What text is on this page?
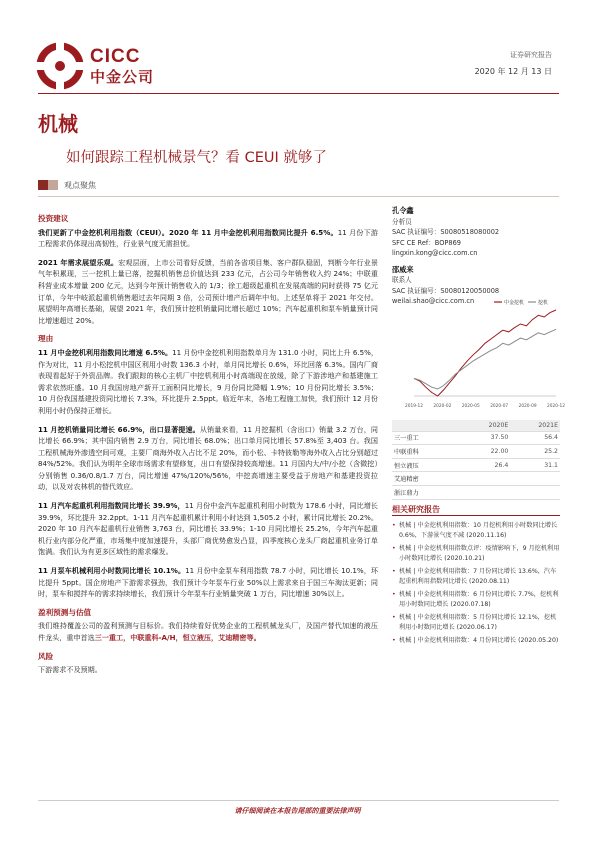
CICC
中金公司
证券研究报告
2020 年 12 月 13 日
机械
如何跟踪工程机械景气？看 CEUI 就够了
观点聚焦
投资建议

我们更新了中金挖机利用指数（CEUI）。2020 年 11 月中金挖机利用指数同比提升 6.5%。11 月份下游工程需求仍体现出高韧性，行业景气度无需担忧。

2021 年需求展望乐观。宏观层面，上市公司看好反馈，当前各省项目集、客户群队稳固，判断今年行业景气年积累现，三一挖机上量已落，挖掘机销售总价值达到 233 亿元，占公司今年销售收入约 24%；中联重科营业成本增量 200 亿元，达到今年预计销售收入的 1/3；徐工超级起重机在发展高端的同时获得 75 亿元订单，今年中岐派起重机销售超过去年同期 3 倍，公司预计增产后调年中旬。上述坚单将于 2021 年交付。展望明年高增长基础，展望 2021 年，我们预计挖机销量同比增长超过 10%；汽车起重机和泵车销量预计同比增速超过 20%。

理由

11 月中金挖机利用指数同比增速 6.5%。11 月份中金挖机利用指数单月为 131.0 小时，同比上升 6.5%，作为对比，11 月小松挖机中国区利用小时数 136.3 小时，单月同比增长 0.6%，环比回落 6.3%。国内厂商表现看起好于外资品牌。我们跟踪的核心主机厂中挖机利用小时高端现在放缓，除了下游涉地产和基建施工需求依然旺盛。10 月我国房地产新开工面积同比增长，9 月份同比降幅 1.9%；10 月份同比增长 3.5%；10 月份我国基建投资同比增长 7.3%，环比提升 2.5ppt。临近年末，各地工程施工加快，我们预计 12 月份利用小时仍保持正增长。

11 月挖机销量同比增长 66.9%，出口显著提速。从销量来看，11 月挖掘机（含出口）销量 3.2 万台，同比增长 66.9%；其中国内销售 2.9 万台，同比增长 68.0%；出口单月同比增长 57.8%至 3,403 台。我国工程机械海外渗透空间可观，主要厂商海外收入占比不足 20%，而小松、卡特彼勒等海外收入占比分别超过 84%/52%。我们认为明年全球市场需求有望修复，出口有望保持较高增速。11 月国内大/中/小挖（含微挖）分别销售 0.36/0.8/1.7 万台，同比增速 47%/120%/56%，中挖高增速主要受益于房地产和基建投资拉动，以及对农林机的替代效应。

11 月汽车起重机利用指数同比增长 39.9%，11 月份中金汽车起重机利用小时数为 178.6 小时，同比增长 39.9%，环比提升 32.2ppt。1-11 月汽车起重机累计利用小时达到 1,505.2 小时，累计同比增长 20.2%。2020 年 10 月汽车起重机行业销售 3,763 台，同比增长 33.9%；1-10 月同比增长 25.2%，今年汽车起重机行业内部分化严重，市场集中度加速提升，头部厂商优势愈发凸显，四季度核心龙头厂商起重机业务订单饱满。我们认为有更多区域性的需求爆发。

11 月泵车机械利用小时数同比增长 10.1%。11 月份中金泵车利用指数 78.7 小时，同比增长 10.1%，环比提升 5ppt。国企房地产下游需求强劲，我们预计今年泵车行业 50%以上需求来自于国三车淘汰更新；同时，泵车和搅拌车的需求持续增长，我们预计今年泵车行业销量突破 1 万台，同比增速 30%以上。

盈利预测与估值

我们维持覆盖公司的盈利预测与目标价。我们持续看好优势企业的工程机械龙头厂，及国产替代加速的液压件龙头，重申首选三一重工，中联重科-A/H，恒立液压，艾迪精密等。

风险

下游需求不及预期。

孔令鑫
分析员
SAC 执证编号：S0080518080002
SFC CE Ref：BOP869
lingxin.kong@cicc.com.cn
邵威来
联系人
SAC 执证编号：S0080120050008
weilai.shao@cicc.com.cn	中金挖机	挖机
2019-12 2020-02 2020-05 2020-07 2020-09 2020-12
		2020E	2021E
三一重工		37.50	56.4
中联重科		22.00	25.2
恒立液压		26.4	31.1
艾迪精密			
浙江鼎力			
相关研究报告
• 机械 | 中金挖机利用指数：10 月挖机利用小时数同比增长 0.6%，下游景气度不减 (2020.11.16)
• 机械 | 中金挖机利用指数点评：疫情影响下，9 月挖机利用小时数同比增长 (2020.10.21)
• 机械 | 中金挖机利用指数：7 月份同比增长 13.6%，汽车起重机利用指数同比增长 (2020.08.11)
• 机械 | 中金挖机利用指数：6 月份同比增长 7.7%，挖机利用小时数同比增长 (2020.07.18)
• 机械 | 中金挖机利用指数：5 月份同比增长 12.1%，挖机利用小时数同比增长 (2020.06.17)
• 机械 | 中金挖机利用指数：4 月份同比增长 (2020.05.20)
请仔细阅读在本报告尾部的重要法律声明
